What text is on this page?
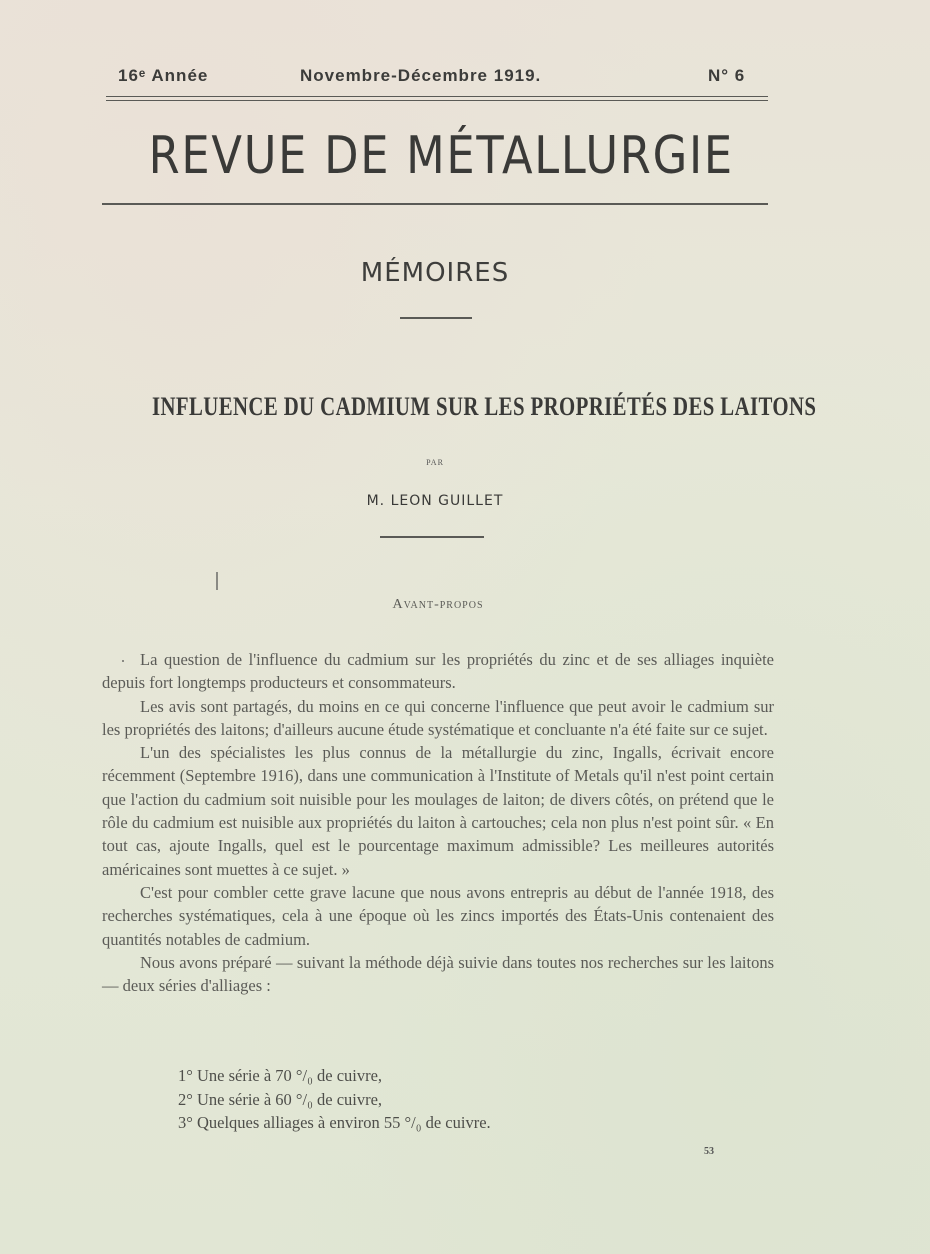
16ᵉ Année	Novembre-Décembre 1919.	N° 6
REVUE DE MÉTALLURGIE
MÉMOIRES
INFLUENCE DU CADMIUM SUR LES PROPRIÉTÉS DES LAITONS
PAR
M. LEON GUILLET
Avant-propos

La question de l'influence du cadmium sur les propriétés du zinc et de ses alliages inquiète depuis fort longtemps producteurs et consommateurs.

Les avis sont partagés, du moins en ce qui concerne l'influence que peut avoir le cadmium sur les propriétés des laitons; d'ailleurs aucune étude systématique et concluante n'a été faite sur ce sujet.

L'un des spécialistes les plus connus de la métallurgie du zinc, Ingalls, écrivait encore récemment (Septembre 1916), dans une communication à l'Institute of Metals qu'il n'est point certain que l'action du cadmium soit nuisible pour les moulages de laiton; de divers côtés, on prétend que le rôle du cadmium est nuisible aux propriétés du laiton à cartouches; cela non plus n'est point sûr. « En tout cas, ajoute Ingalls, quel est le pourcentage maximum admissible? Les meilleures autorités américaines sont muettes à ce sujet. »

C'est pour combler cette grave lacune que nous avons entrepris au début de l'année 1918, des recherches systématiques, cela à une époque où les zincs importés des États-Unis contenaient des quantités notables de cadmium.

Nous avons préparé — suivant la méthode déjà suivie dans toutes nos recherches sur les laitons — deux séries d'alliages :

1° Une série à 70 °/₀ de cuivre,
2° Une série à 60 °/₀ de cuivre,
3° Quelques alliages à environ 55 °/₀ de cuivre.
53
